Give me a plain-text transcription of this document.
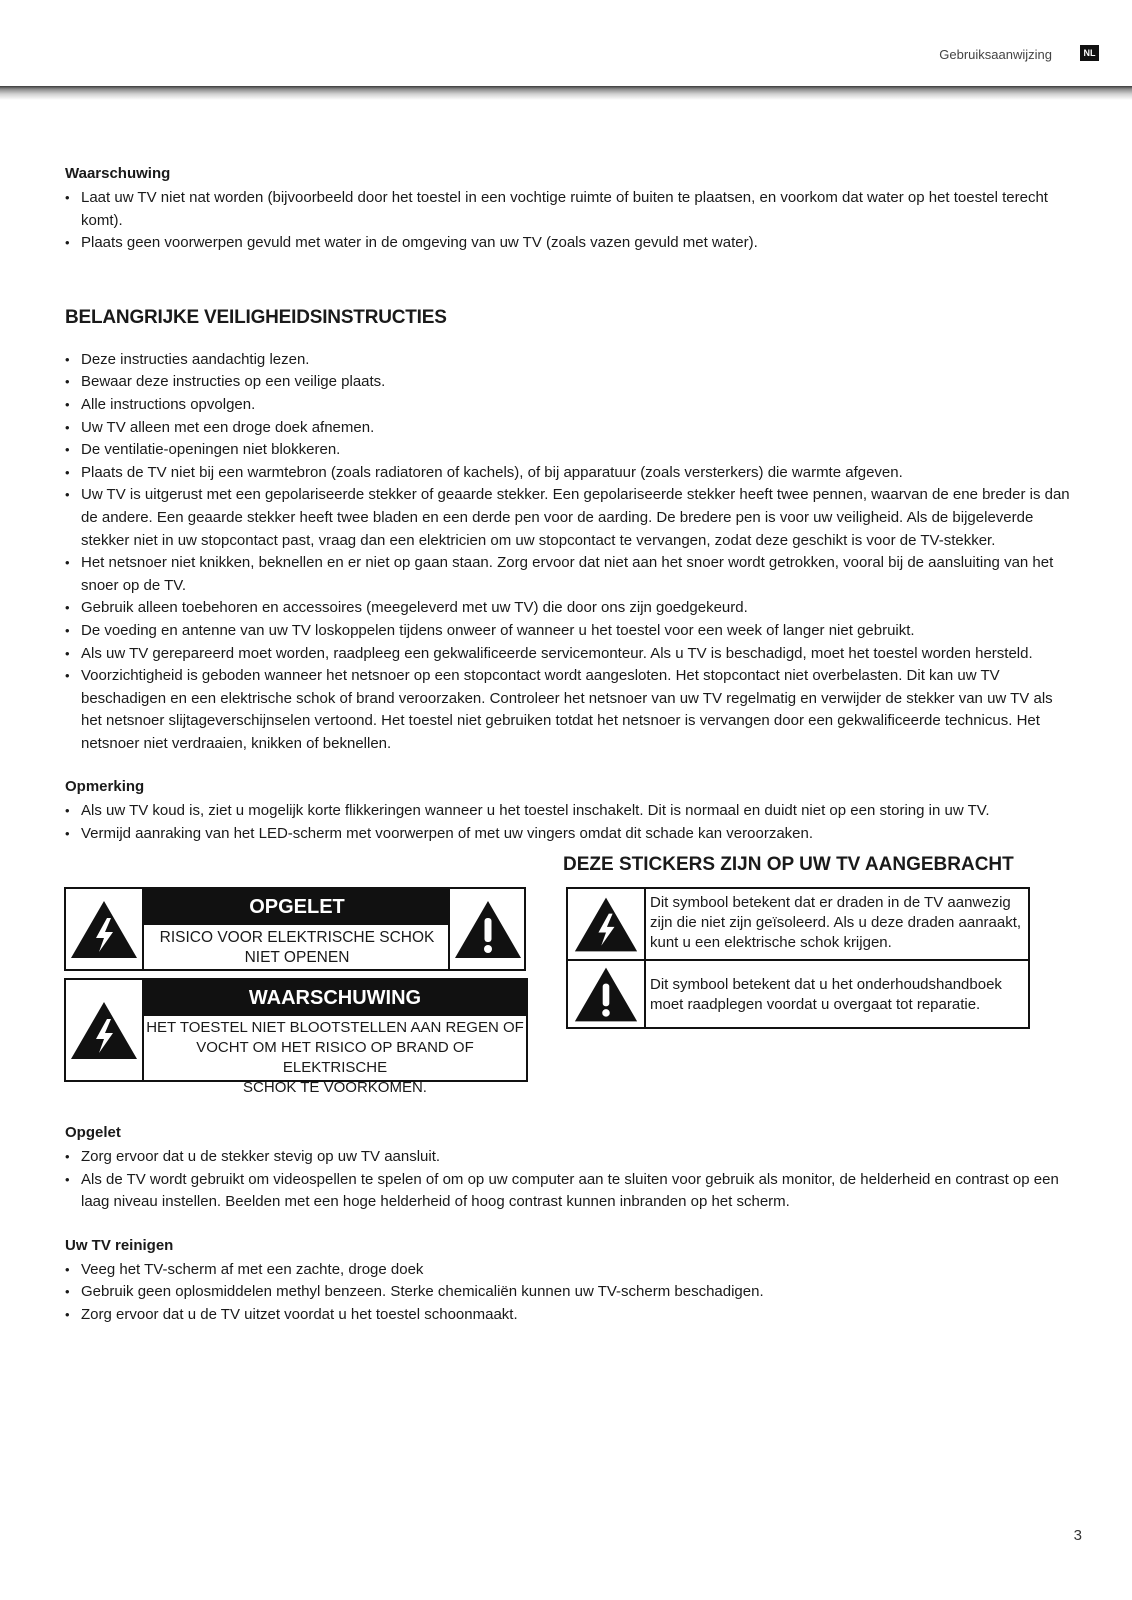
Gebruiksaanwijzing	NL
Waarschuwing
• Laat uw TV niet nat worden (bijvoorbeeld door het toestel in een vochtige ruimte of buiten te plaatsen, en voorkom dat water op het toestel terecht komt).
• Plaats geen voorwerpen gevuld met water in de omgeving van uw TV (zoals vazen gevuld met water).
BELANGRIJKE VEILIGHEIDSINSTRUCTIES
• Deze instructies aandachtig lezen.
• Bewaar deze instructies op een veilige plaats.
• Alle instructions opvolgen.
• Uw TV alleen met een droge doek afnemen.
• De ventilatie-openingen niet blokkeren.
• Plaats de TV niet bij een warmtebron (zoals radiatoren of kachels), of bij apparatuur (zoals versterkers) die warmte afgeven.
• Uw TV is uitgerust met een gepolariseerde stekker of geaarde stekker. Een gepolariseerde stekker heeft twee pennen, waarvan de ene breder is dan de andere. Een geaarde stekker heeft twee bladen en een derde pen voor de aarding. De bredere pen is voor uw veiligheid. Als de bijgeleverde stekker niet in uw stopcontact past, vraag dan een elektricien om uw stopcontact te vervangen, zodat deze geschikt is voor de TV-stekker.
• Het netsnoer niet knikken, beknellen en er niet op gaan staan. Zorg ervoor dat niet aan het snoer wordt getrokken, vooral bij de aansluiting van het snoer op de TV.
• Gebruik alleen toebehoren en accessoires (meegeleverd met uw TV) die door ons zijn goedgekeurd.
• De voeding en antenne van uw TV loskoppelen tijdens onweer of wanneer u het toestel voor een week of langer niet gebruikt.
• Als uw TV gerepareerd moet worden, raadpleeg een gekwalificeerde servicemonteur. Als u TV is beschadigd, moet het toestel worden hersteld.
• Voorzichtigheid is geboden wanneer het netsnoer op een stopcontact wordt aangesloten. Het stopcontact niet overbelasten. Dit kan uw TV beschadigen en een elektrische schok of brand veroorzaken. Controleer het netsnoer van uw TV regelmatig en verwijder de stekker van uw TV als het netsnoer slijtageverschijnselen vertoond. Het toestel niet gebruiken totdat het netsnoer is vervangen door een gekwalificeerde technicus. Het netsnoer niet verdraaien, knikken of beknellen.
Opmerking
• Als uw TV koud is, ziet u mogelijk korte flikkeringen wanneer u het toestel inschakelt. Dit is normaal en duidt niet op een storing in uw TV.
• Vermijd aanraking van het LED-scherm met voorwerpen of met uw vingers omdat dit schade kan veroorzaken.
OPGELET
RISICO VOOR ELEKTRISCHE SCHOK
NIET OPENEN
WAARSCHUWING
HET TOESTEL NIET BLOOTSTELLEN AAN REGEN OF
VOCHT OM HET RISICO OP BRAND OF ELEKTRISCHE
SCHOK TE VOORKOMEN.
DEZE STICKERS ZIJN OP UW TV AANGEBRACHT
Dit symbool betekent dat er draden in de TV aanwezig zijn die niet zijn geïsoleerd. Als u deze draden aanraakt, kunt u een elektrische schok krijgen.
Dit symbool betekent dat u het onderhoudshandboek moet raadplegen voordat u overgaat tot reparatie.
Opgelet
• Zorg ervoor dat u de stekker stevig op uw TV aansluit.
• Als de TV wordt gebruikt om videospellen te spelen of om op uw computer aan te sluiten voor gebruik als monitor, de helderheid en contrast op een laag niveau instellen. Beelden met een hoge helderheid of hoog contrast kunnen inbranden op het scherm.
Uw TV reinigen
• Veeg het TV-scherm af met een zachte, droge doek
• Gebruik geen oplosmiddelen methyl benzeen. Sterke chemicaliën kunnen uw TV-scherm beschadigen.
• Zorg ervoor dat u de TV uitzet voordat u het toestel schoonmaakt.
3
